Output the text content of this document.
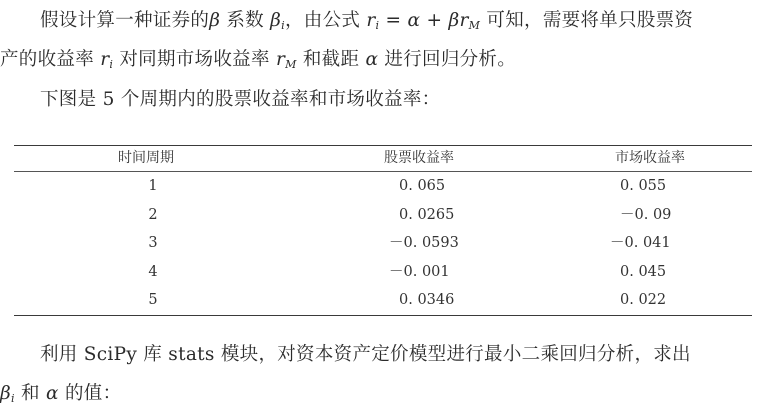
假设计算一种证券的β 系数 $\beta_i$，由公式 $r_i = \alpha + \beta r_M$ 可知，需要将单只股票资
产的收益率 $r_i$ 对同期市场收益率 $r_M$ 和截距 α 进行回归分析。
下图是 5 个周期内的股票收益率和市场收益率：
时间周期	股票收益率	市场收益率
1	0. 065	0. 055
2	0. 0265	－0. 09
3	－0. 0593	－0. 041
4	－0. 001	0. 045
5	0. 0346	0. 022
利用 SciPy 库 stats 模块，对资本资产定价模型进行最小二乘回归分析，求出
$\beta_i$ 和 α 的值：
